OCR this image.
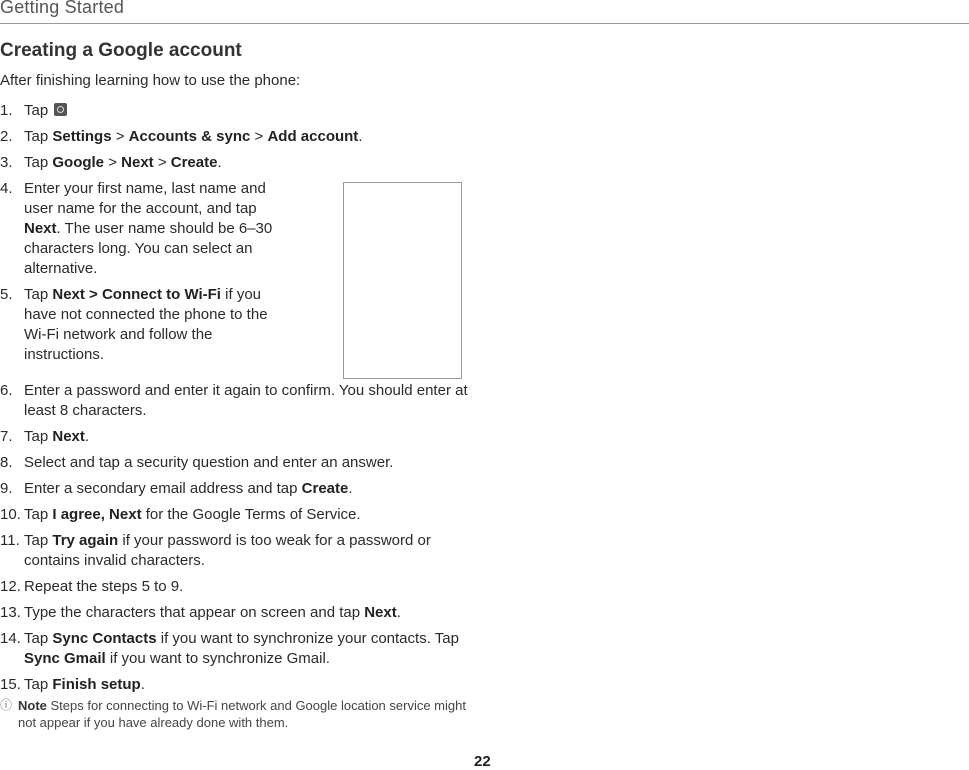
Getting Started
Creating a Google account
After finishing learning how to use the phone:
1. Tap
2. Tap Settings > Accounts & sync > Add account.
3. Tap Google > Next > Create.
4. Enter your first name, last name and user name for the account, and tap Next. The user name should be 6–30 characters long. You can select an alternative.
5. Tap Next > Connect to Wi-Fi if you have not connected the phone to the Wi-Fi network and follow the instructions.
6. Enter a password and enter it again to confirm. You should enter at least 8 characters.
7. Tap Next.
8. Select and tap a security question and enter an answer.
9. Enter a secondary email address and tap Create.
10. Tap I agree, Next for the Google Terms of Service.
11. Tap Try again if your password is too weak for a password or contains invalid characters.
12. Repeat the steps 5 to 9.
13. Type the characters that appear on screen and tap Next.
14. Tap Sync Contacts if you want to synchronize your contacts. Tap Sync Gmail if you want to synchronize Gmail.
15. Tap Finish setup.
ⓘ Note Steps for connecting to Wi-Fi network and Google location service might not appear if you have already done with them.
22
